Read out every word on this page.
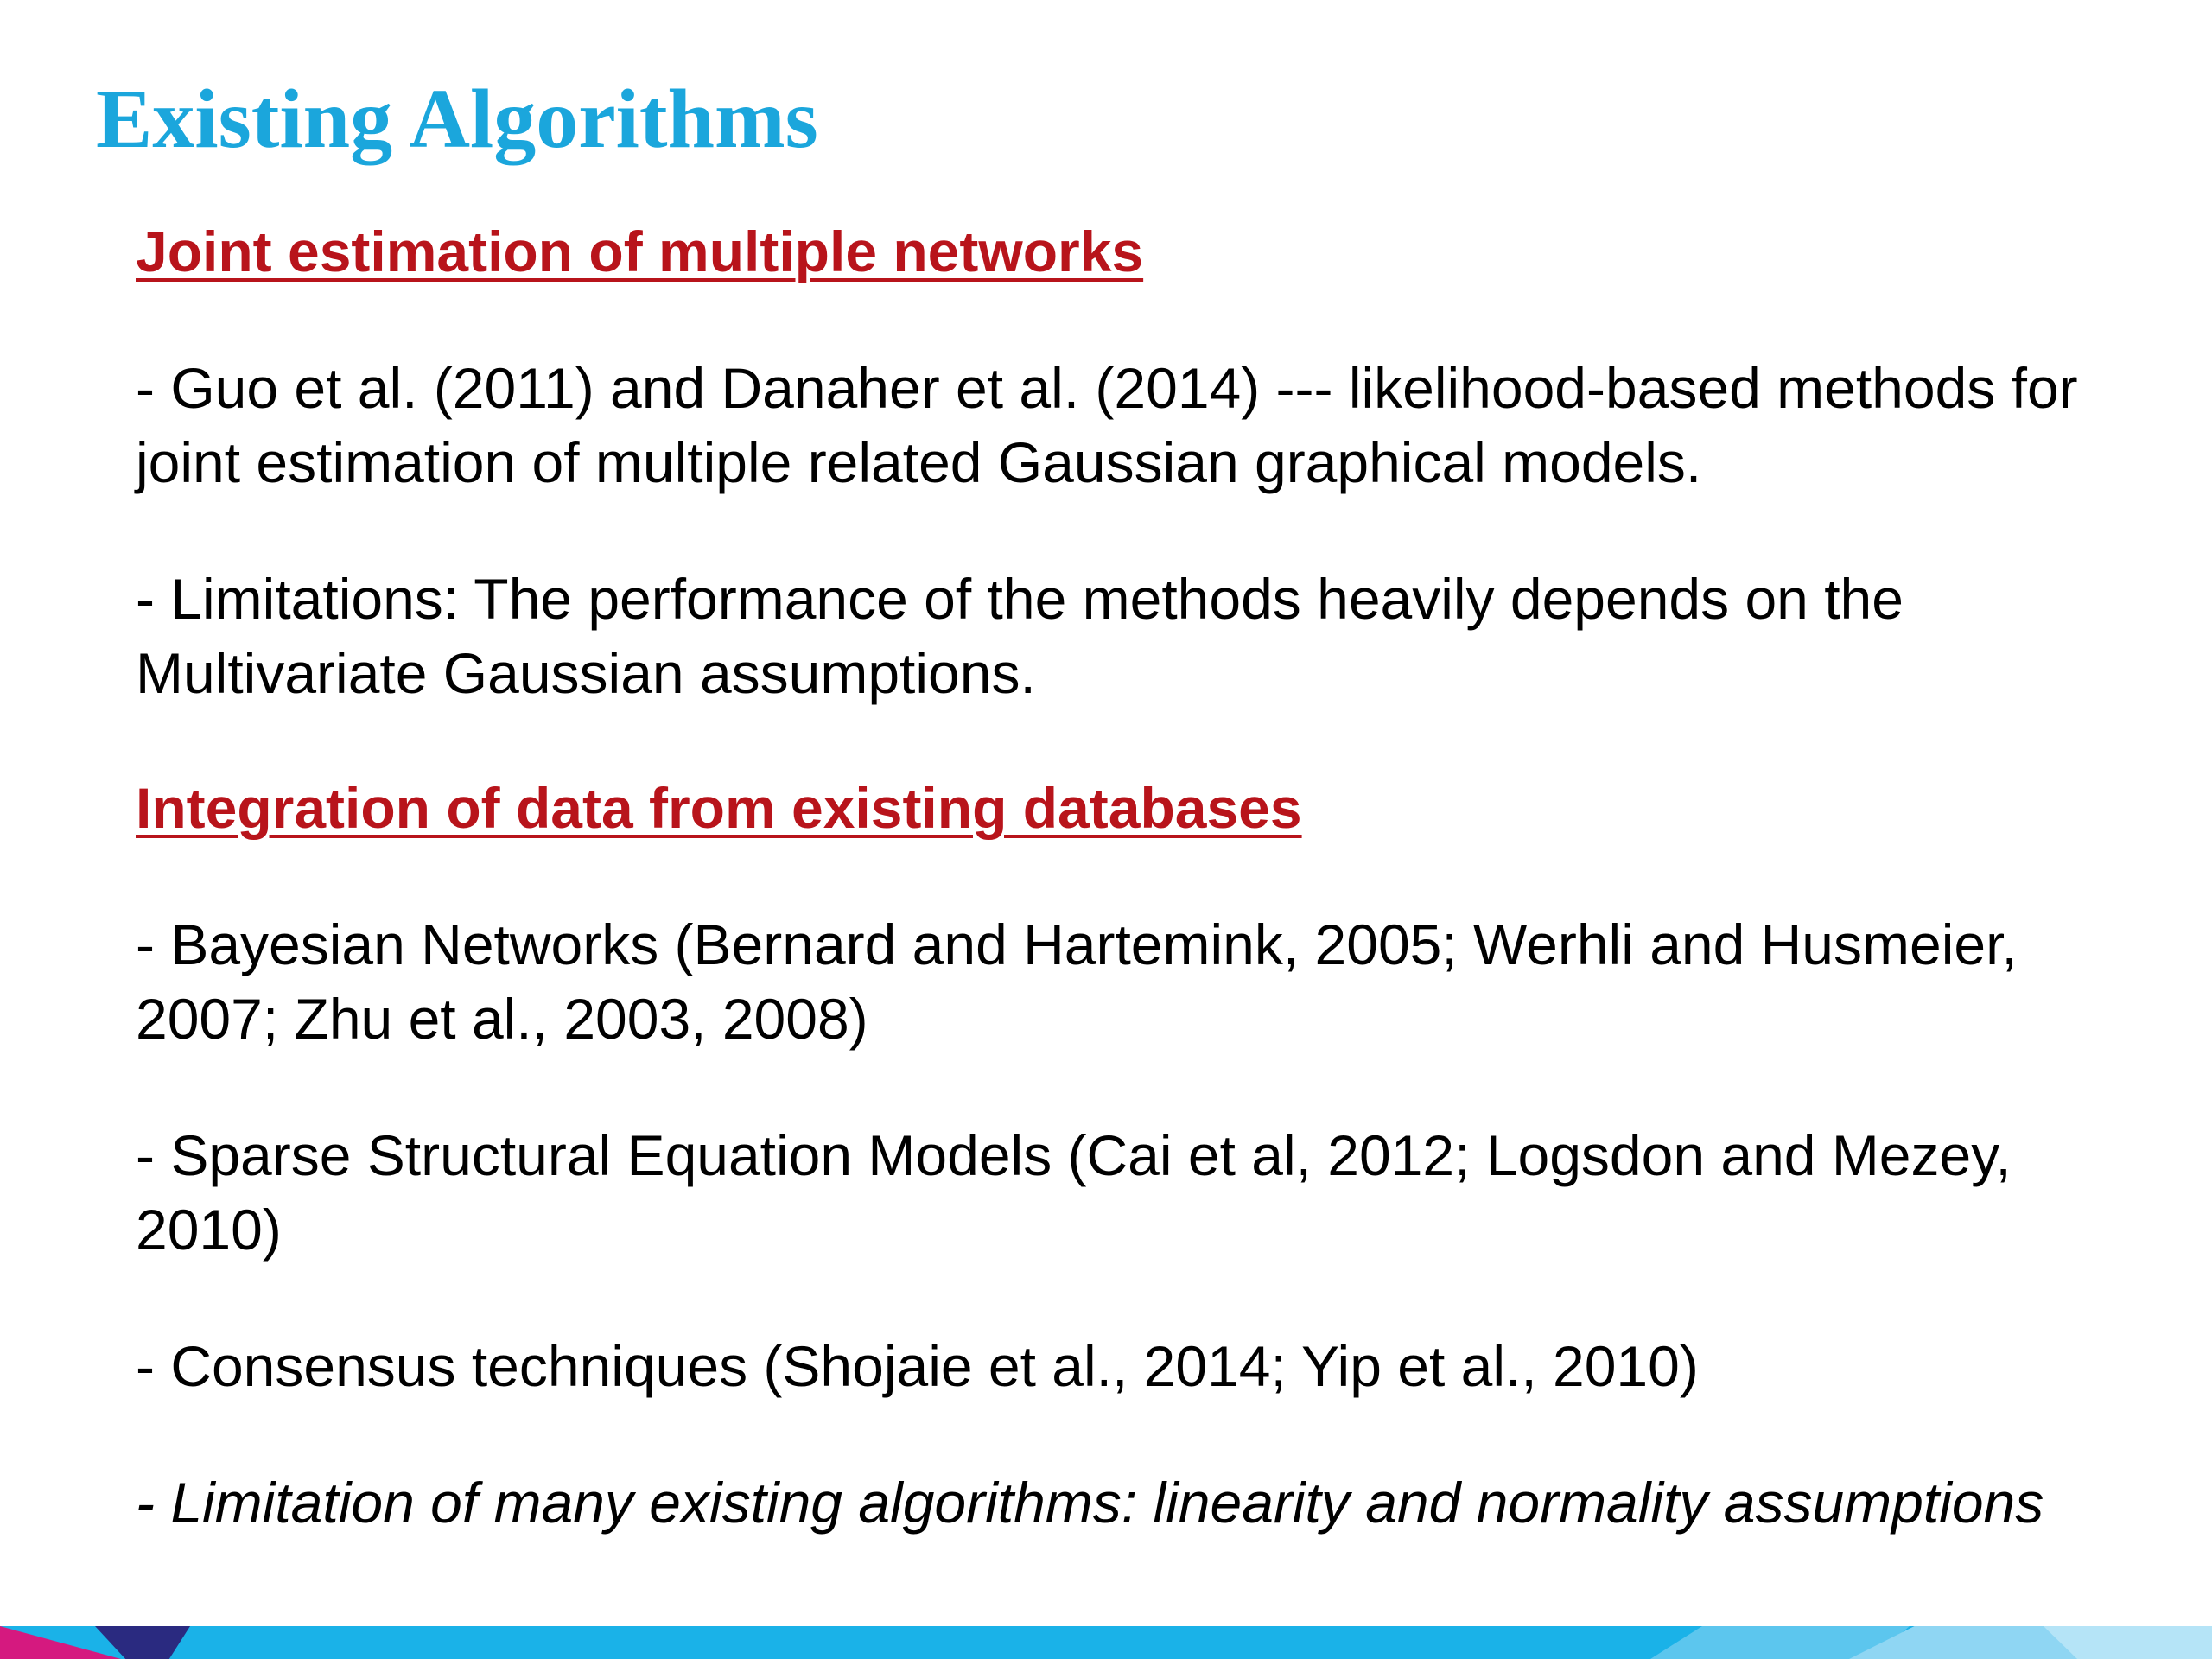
Existing Algorithms
Joint estimation of multiple networks

- Guo et al. (2011) and Danaher et al. (2014) --- likelihood-based methods for joint estimation of multiple related Gaussian graphical models.

- Limitations: The performance of the methods heavily depends on the Multivariate Gaussian assumptions.

Integration of data from existing databases

- Bayesian Networks (Bernard and Hartemink, 2005; Werhli and Husmeier, 2007; Zhu et al., 2003, 2008)

- Sparse Structural Equation Models (Cai et al, 2012; Logsdon and Mezey, 2010)

- Consensus techniques (Shojaie et al., 2014; Yip et al., 2010)

- Limitation of many existing algorithms: linearity and normality assumptions
